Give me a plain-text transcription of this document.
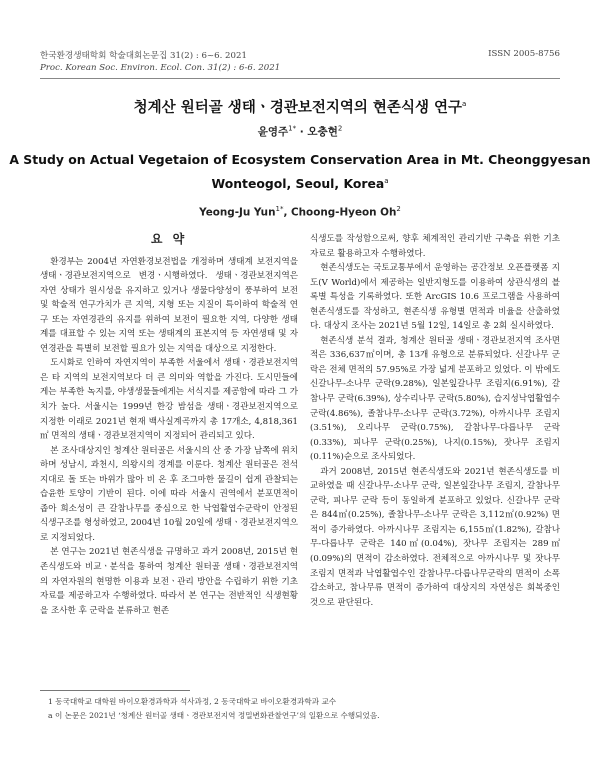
한국환경생태학회 학술대회논문집 31(2) : 6~6. 2021	ISSN 2005-8756
Proc. Korean Soc. Environ. Ecol. Con. 31(2) : 6-6. 2021
청계산 원터골 생태ㆍ경관보전지역의 현존식생 연구$^a$
윤영주$^{1*}$ · 오충현$^2$
A Study on Actual Vegetaion of Ecosystem Conservation Area in Mt. Cheonggyesan
Wonteogol, Seoul, Korea$^a$
Yeong-Ju Yun$^{1*}$, Choong-Hyeon Oh$^2$
요 약

환경부는 2004년 자연환경보전법을 개정하며 생태계 보전지역을 생태ㆍ경관보전지역으로 변경ㆍ시행하였다. 생태ㆍ경관보전지역은 자연 상태가 원시성을 유지하고 있거나 생물다양성이 풍부하여 보전 및 학술적 연구가치가 큰 지역, 지형 또는 지질이 특이하여 학술적 연구 또는 자연경관의 유지를 위하여 보전이 필요한 지역, 다양한 생태계를 대표할 수 있는 지역 또는 생태계의 표본지역 등 자연생태 및 자연경관을 특별히 보전할 필요가 있는 지역을 대상으로 지정한다.

도시화로 인하여 자연지역이 부족한 서울에서 생태ㆍ경관보전지역은 타 지역의 보전지역보다 더 큰 의미와 역할을 가진다. 도시민들에게는 부족한 녹지를, 야생생물들에게는 서식지를 제공함에 따라 그 가치가 높다. 서울시는 1999년 한강 밤섬을 생태ㆍ경관보전지역으로 지정한 이래로 2021년 현재 백사실계곡까지 총 17개소, 4,818,361㎡ 면적의 생태ㆍ경관보전지역이 지정되어 관리되고 있다.

본 조사대상지인 청계산 원터골은 서울시의 산 중 가장 남쪽에 위치하며 성남시, 과천시, 의왕시의 경계를 이룬다. 청계산 원터골은 전석지대로 돌 또는 바위가 많아 비 온 후 조그마한 물길이 쉽게 관찰되는 습윤한 토양이 기반이 된다. 이에 따라 서울시 권역에서 분포면적이 좁아 희소성이 큰 갈참나무를 중심으로 한 낙엽활엽수군락이 안정된 식생구조를 형성하였고, 2004년 10월 20일에 생태ㆍ경관보전지역으로 지정되었다.

본 연구는 2021년 현존식생을 규명하고 과거 2008년, 2015년 현존식생도와 비교ㆍ분석을 통하여 청계산 원터골 생태ㆍ경관보전지역의 자연자원의 현명한 이용과 보전ㆍ관리 방안을 수립하기 위한 기초자료를 제공하고자 수행하였다. 따라서 본 연구는 전반적인 식생현황을 조사한 후 군락을 분류하고 현존

식생도를 작성함으로써, 향후 체계적인 관리기반 구축을 위한 기초자료로 활용하고자 수행하였다.

현존식생도는 국토교통부에서 운영하는 공간정보 오픈플랫폼 지도(V World)에서 제공하는 일반지형도를 이용하여 상관식생의 블록별 특성을 기록하였다. 또한 ArcGIS 10.6 프로그램을 사용하여 현존식생도를 작성하고, 현존식생 유형별 면적과 비율을 산출하였다. 대상지 조사는 2021년 5월 12일, 14일로 총 2회 실시하였다.

현존식생 분석 결과, 청계산 원터골 생태ㆍ경관보전지역 조사면적은 336,637㎡이며, 총 13개 유형으로 분류되었다. 신갈나무 군락은 전체 면적의 57.95%로 가장 넓게 분포하고 있었다. 이 밖에도 신갈나무-소나무 군락(9.28%), 일본잎갈나무 조림지(6.91%), 갈참나무 군락(6.39%), 상수리나무 군락(5.80%), 습지성낙엽활엽수 군락(4.86%), 졸참나무-소나무 군락(3.72%), 아까시나무 조림지(3.51%), 오리나무 군락(0.75%), 갈참나무-다릅나무 군락(0.33%), 피나무 군락(0.25%), 나지(0.15%), 잣나무 조림지(0.11%)순으로 조사되었다.

과거 2008년, 2015년 현존식생도와 2021년 현존식생도를 비교하였을 때 신갈나무-소나무 군락, 일본잎갈나무 조림지, 갈참나무 군락, 피나무 군락 등이 동일하게 분포하고 있었다. 신갈나무 군락은 844㎡(0.25%), 졸참나무-소나무 군락은 3,112㎡(0.92%) 면적이 증가하였다. 아까시나무 조림지는 6,155㎡(1.82%), 갈참나무-다릅나무 군락은 140㎡(0.04%), 잣나무 조림지는 289㎡(0.09%)의 면적이 감소하였다. 전체적으로 아까시나무 및 잣나무조림지 면적과 낙엽활엽수인 갈참나무-다릅나무군락의 면적이 소폭 감소하고, 참나무류 면적이 증가하여 대상지의 자연성은 회복중인 것으로 판단된다.

1 동국대학교 대학원 바이오환경과학과 석사과정, 2 동국대학교 바이오환경과학과 교수
a 이 논문은 2021년 ‘청계산 원터골 생태ㆍ경관보전지역 정밀변화관찰연구’의 일환으로 수행되었음.
